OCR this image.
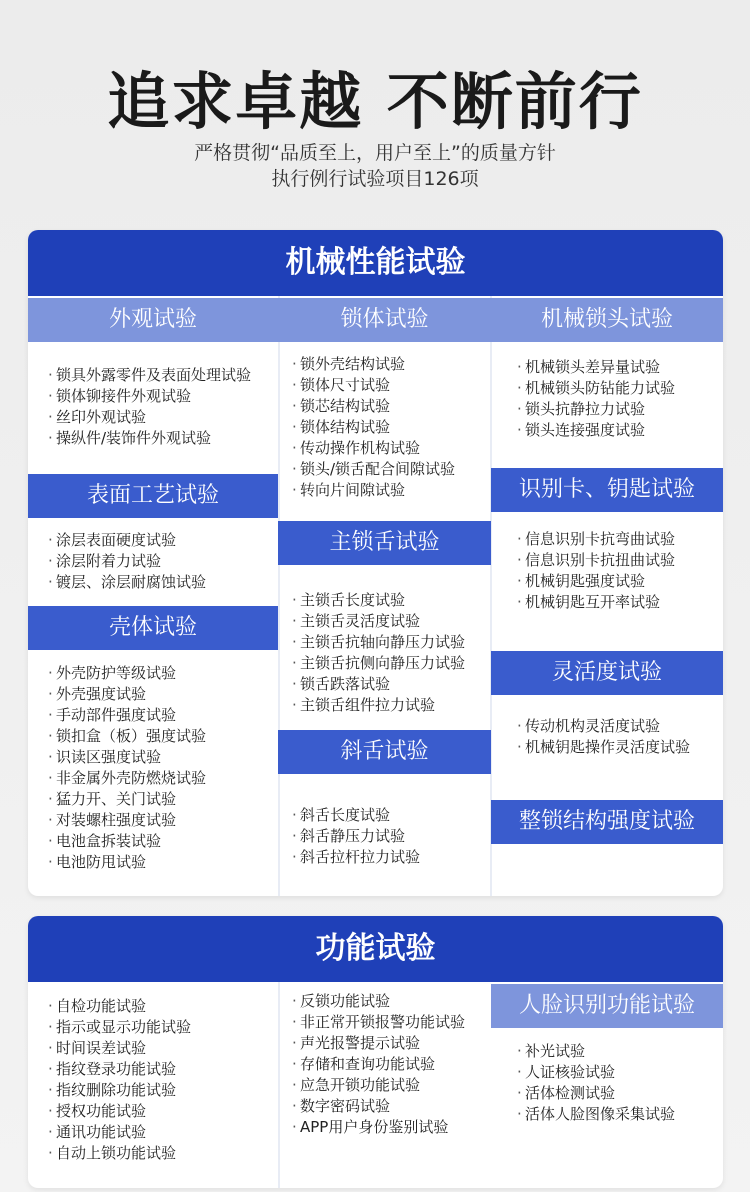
追求卓越 不断前行
严格贯彻“品质至上，用户至上”的质量方针
执行例行试验项目126项
机械性能试验
外观试验
· 锁具外露零件及表面处理试验
· 锁体铆接件外观试验
· 丝印外观试验
· 操纵件/装饰件外观试验
表面工艺试验
· 涂层表面硬度试验
· 涂层附着力试验
· 镀层、涂层耐腐蚀试验
壳体试验
· 外壳防护等级试验
· 外壳强度试验
· 手动部件强度试验
· 锁扣盒（板）强度试验
· 识读区强度试验
· 非金属外壳防燃烧试验
· 猛力开、关门试验
· 对装螺柱强度试验
· 电池盒拆装试验
· 电池防甩试验
锁体试验
· 锁外壳结构试验
· 锁体尺寸试验
· 锁芯结构试验
· 锁体结构试验
· 传动操作机构试验
· 锁头/锁舌配合间隙试验
· 转向片间隙试验
主锁舌试验
· 主锁舌长度试验
· 主锁舌灵活度试验
· 主锁舌抗轴向静压力试验
· 主锁舌抗侧向静压力试验
· 锁舌跌落试验
· 主锁舌组件拉力试验
斜舌试验
· 斜舌长度试验
· 斜舌静压力试验
· 斜舌拉杆拉力试验
机械锁头试验
· 机械锁头差异量试验
· 机械锁头防钻能力试验
· 锁头抗静拉力试验
· 锁头连接强度试验
识别卡、钥匙试验
· 信息识别卡抗弯曲试验
· 信息识别卡抗扭曲试验
· 机械钥匙强度试验
· 机械钥匙互开率试验
灵活度试验
· 传动机构灵活度试验
· 机械钥匙操作灵活度试验
整锁结构强度试验
功能试验
· 自检功能试验
· 指示或显示功能试验
· 时间误差试验
· 指纹登录功能试验
· 指纹删除功能试验
· 授权功能试验
· 通讯功能试验
· 自动上锁功能试验
· 反锁功能试验
· 非正常开锁报警功能试验
· 声光报警提示试验
· 存储和查询功能试验
· 应急开锁功能试验
· 数字密码试验
· APP用户身份鉴别试验
人脸识别功能试验
· 补光试验
· 人证核验试验
· 活体检测试验
· 活体人脸图像采集试验
